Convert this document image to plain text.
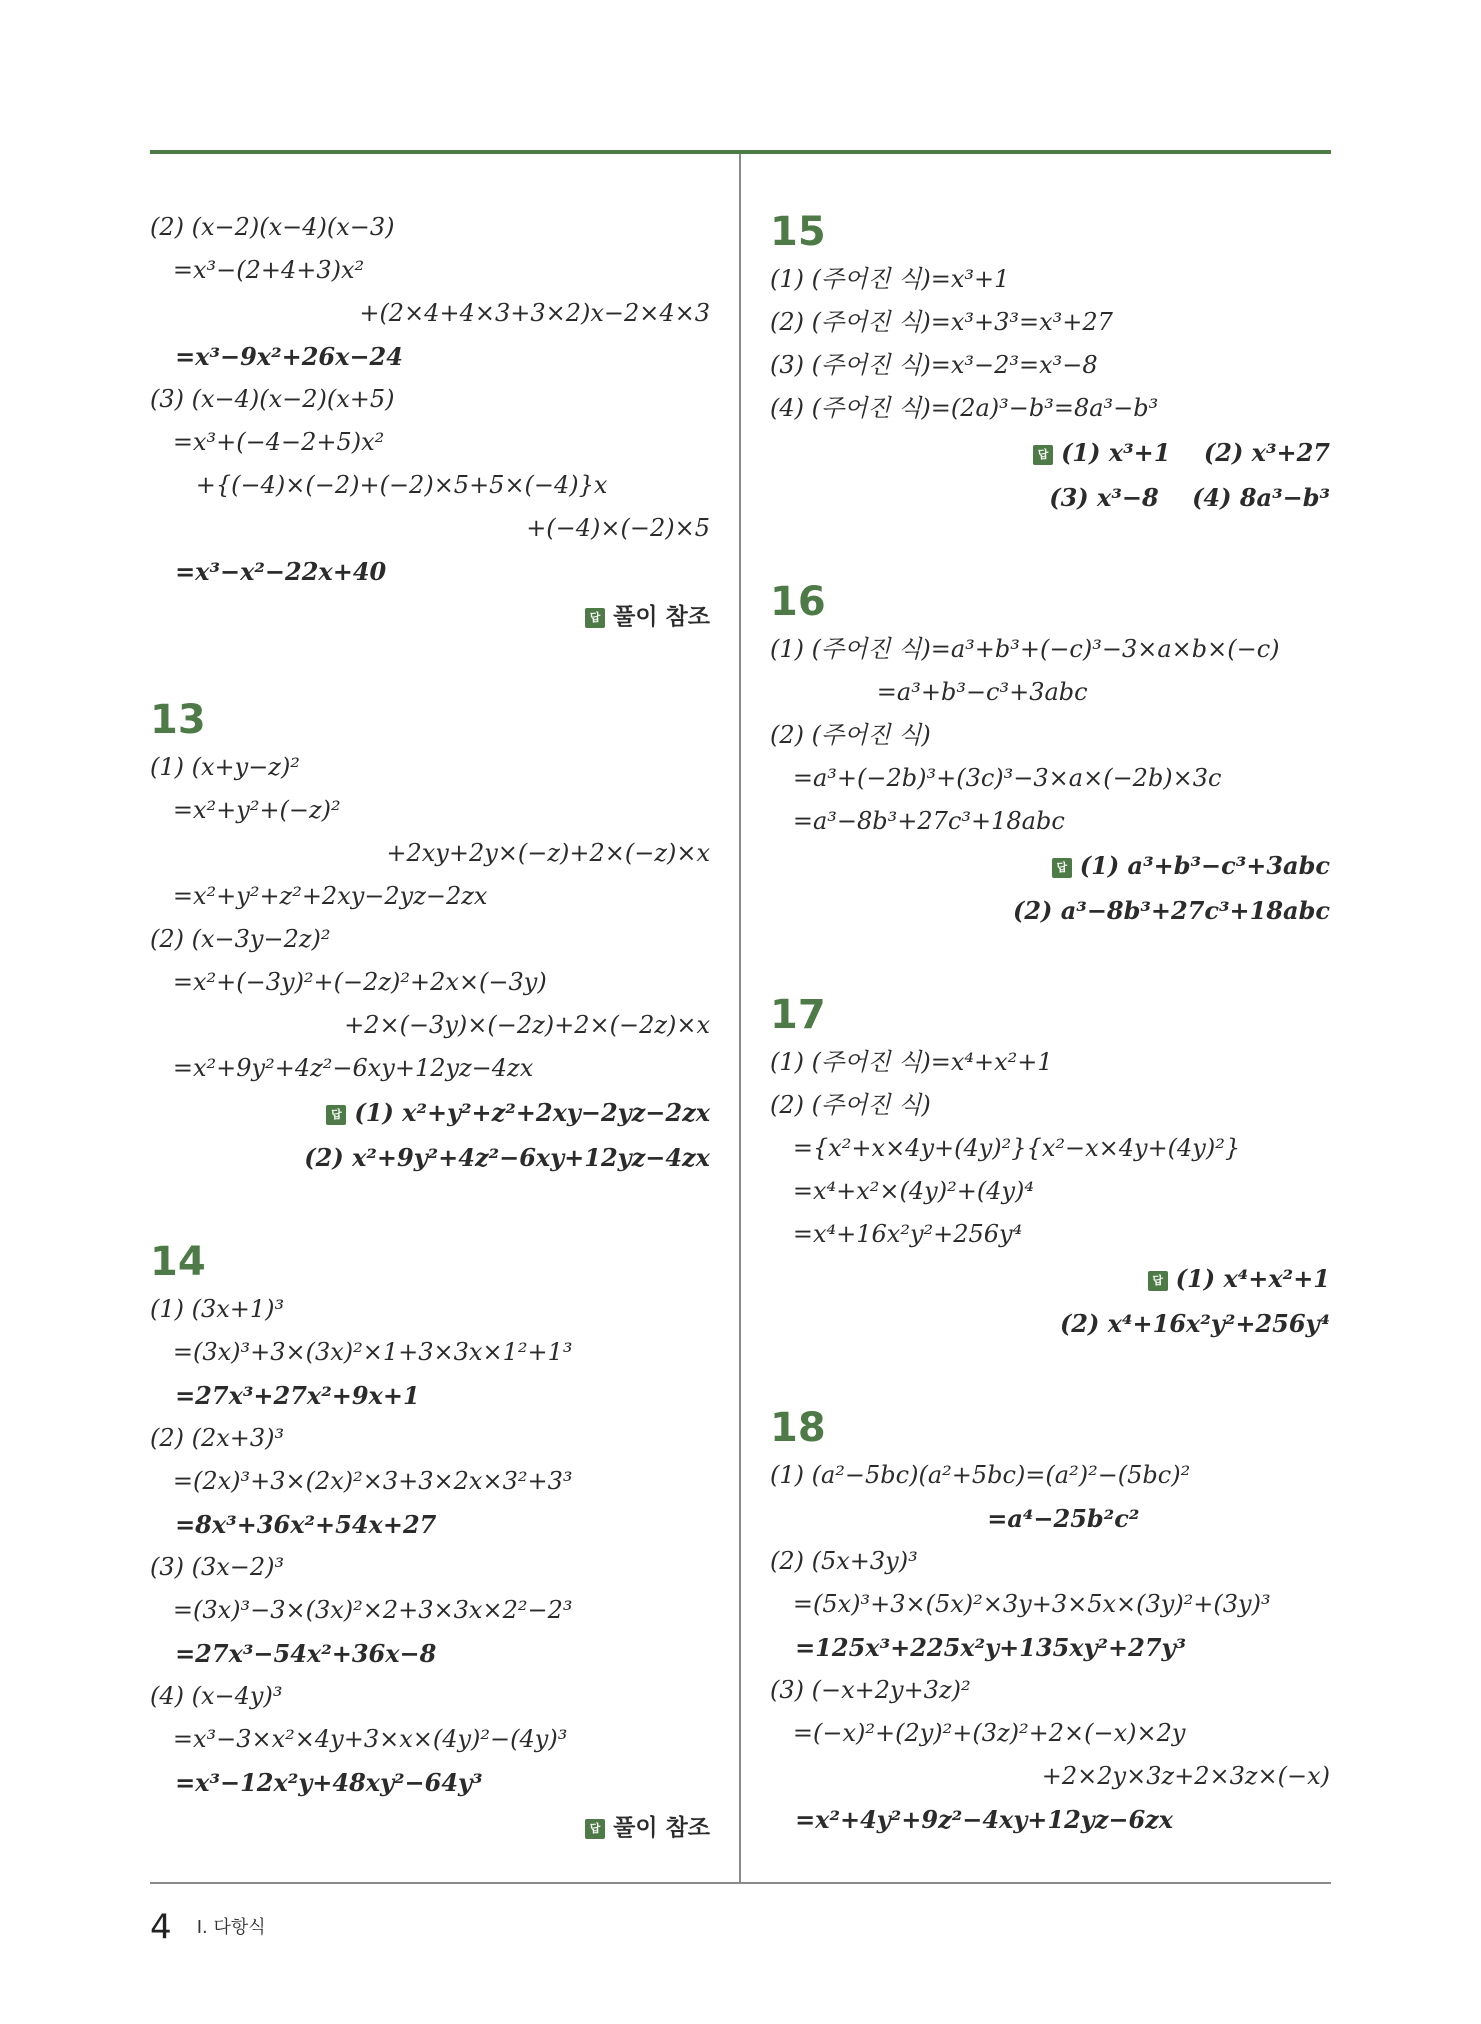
(2) (x−2)(x−4)(x−3)
=x³−(2+4+3)x²
+(2×4+4×3+3×2)x−2×4×3
=x³−9x²+26x−24
(3) (x−4)(x−2)(x+5)
=x³+(−4−2+5)x²
+{(−4)×(−2)+(−2)×5+5×(−4)}x
+(−4)×(−2)×5
=x³−x²−22x+40
답 풀이 참조
13
(1) (x+y−z)²
=x²+y²+(−z)²
+2xy+2y×(−z)+2×(−z)×x
=x²+y²+z²+2xy−2yz−2zx
(2) (x−3y−2z)²
=x²+(−3y)²+(−2z)²+2x×(−3y)
+2×(−3y)×(−2z)+2×(−2z)×x
=x²+9y²+4z²−6xy+12yz−4zx
답 (1) x²+y²+z²+2xy−2yz−2zx
(2) x²+9y²+4z²−6xy+12yz−4zx
14
(1) (3x+1)³
=(3x)³+3×(3x)²×1+3×3x×1²+1³
=27x³+27x²+9x+1
(2) (2x+3)³
=(2x)³+3×(2x)²×3+3×2x×3²+3³
=8x³+36x²+54x+27
(3) (3x−2)³
=(3x)³−3×(3x)²×2+3×3x×2²−2³
=27x³−54x²+36x−8
(4) (x−4y)³
=x³−3×x²×4y+3×x×(4y)²−(4y)³
=x³−12x²y+48xy²−64y³
답 풀이 참조
15
(1) (주어진 식)=x³+1
(2) (주어진 식)=x³+3³=x³+27
(3) (주어진 식)=x³−2³=x³−8
(4) (주어진 식)=(2a)³−b³=8a³−b³
답 (1) x³+1    (2) x³+27
(3) x³−8    (4) 8a³−b³
16
(1) (주어진 식)=a³+b³+(−c)³−3×a×b×(−c)
=a³+b³−c³+3abc
(2) (주어진 식)
=a³+(−2b)³+(3c)³−3×a×(−2b)×3c
=a³−8b³+27c³+18abc
답 (1) a³+b³−c³+3abc
(2) a³−8b³+27c³+18abc
17
(1) (주어진 식)=x⁴+x²+1
(2) (주어진 식)
={x²+x×4y+(4y)²}{x²−x×4y+(4y)²}
=x⁴+x²×(4y)²+(4y)⁴
=x⁴+16x²y²+256y⁴
답 (1) x⁴+x²+1
(2) x⁴+16x²y²+256y⁴
18
(1) (a²−5bc)(a²+5bc)=(a²)²−(5bc)²
=a⁴−25b²c²
(2) (5x+3y)³
=(5x)³+3×(5x)²×3y+3×5x×(3y)²+(3y)³
=125x³+225x²y+135xy²+27y³
(3) (−x+2y+3z)²
=(−x)²+(2y)²+(3z)²+2×(−x)×2y
+2×2y×3z+2×3z×(−x)
=x²+4y²+9z²−4xy+12yz−6zx
4 Ⅰ. 다항식
